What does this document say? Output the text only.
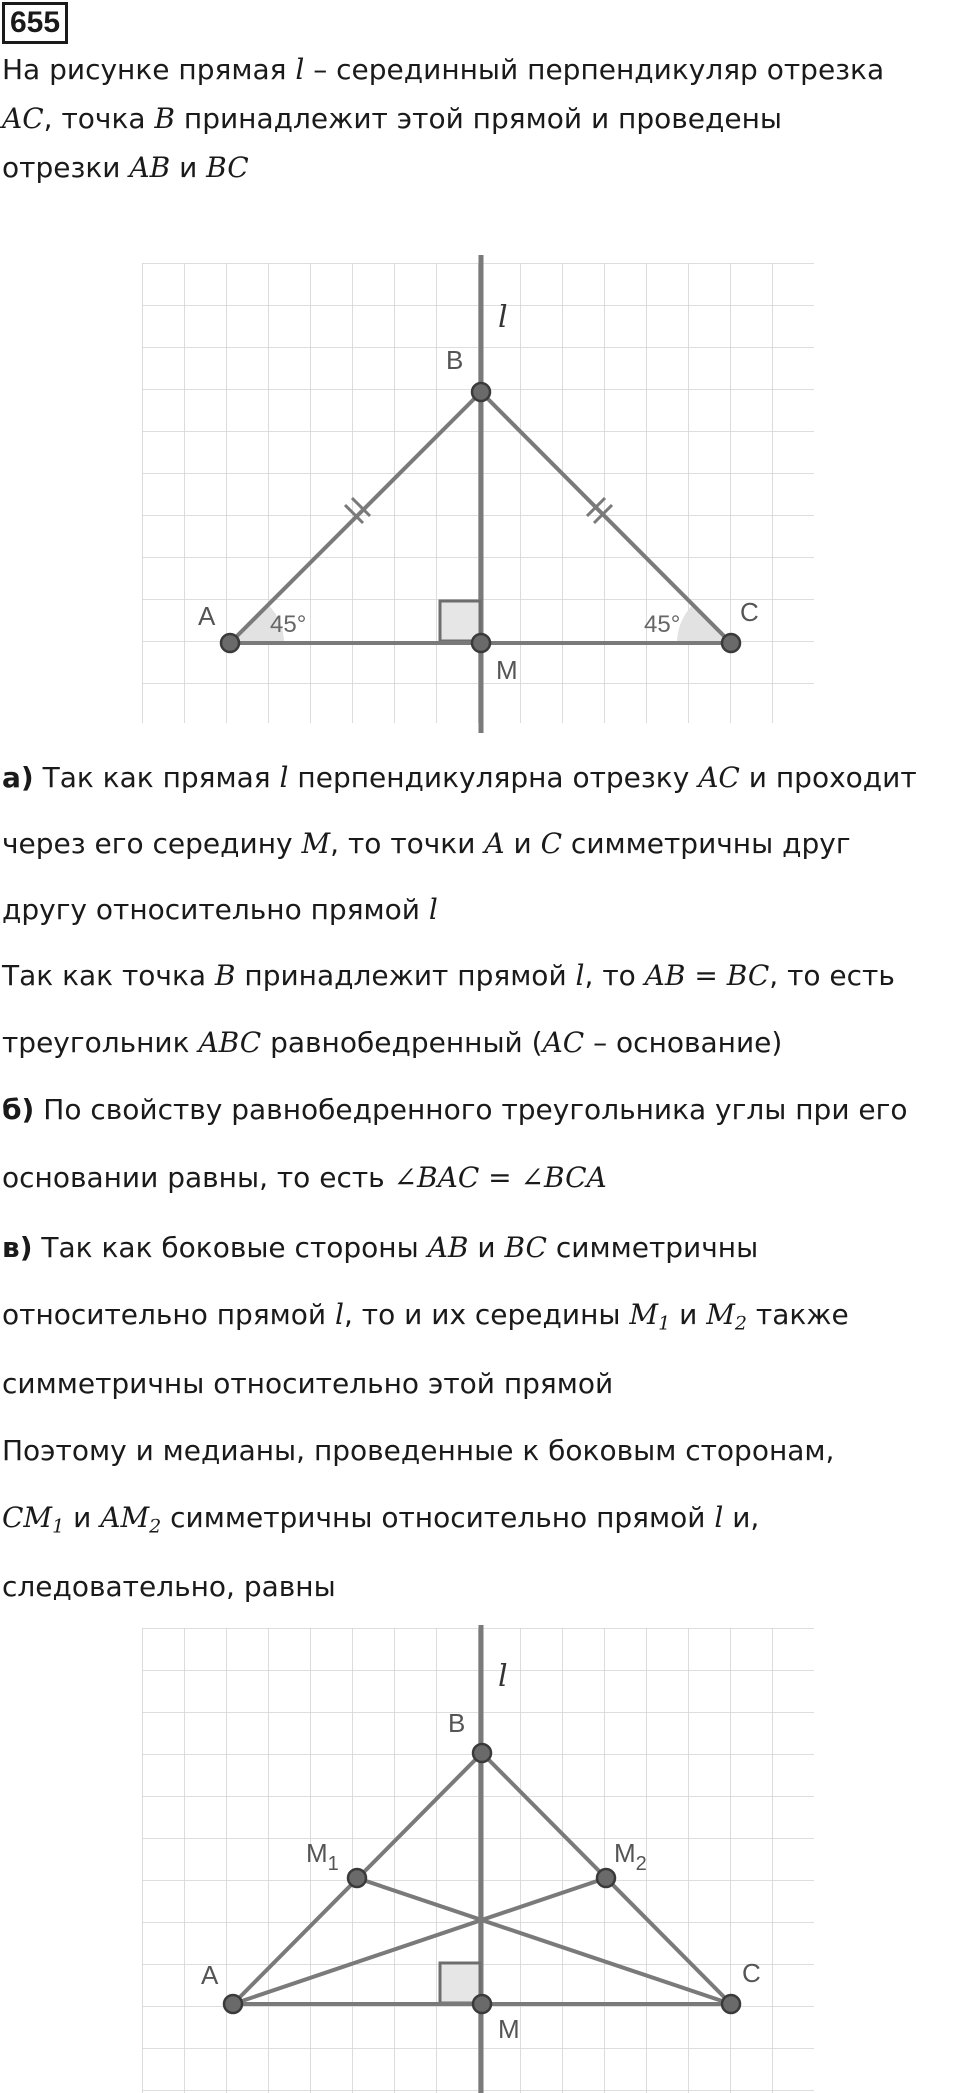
655
На рисунке прямая l – серединный перпендикуляр отрезка
AC, точка B принадлежит этой прямой и проведены
отрезки AB и BC
l
B
A	C
M
45°	45°
а) Так как прямая l перпендикулярна отрезку AC и проходит
через его середину M, то точки A и C симметричны друг
другу относительно прямой l
Так как точка B принадлежит прямой l, то AB = BC, то есть
треугольник ABC равнобедренный (AC – основание)
б) По свойству равнобедренного треугольника углы при его
основании равны, то есть ∠BAC = ∠BCA
в) Так как боковые стороны AB и BC симметричны
относительно прямой l, то и их середины $M_1$ и $M_2$ также
симметричны относительно этой прямой
Поэтому и медианы, проведенные к боковым сторонам,
$CM_1$ и $AM_2$ симметричны относительно прямой l и,
следовательно, равны
l
B
$M_1$	$M_2$
A	C
M
